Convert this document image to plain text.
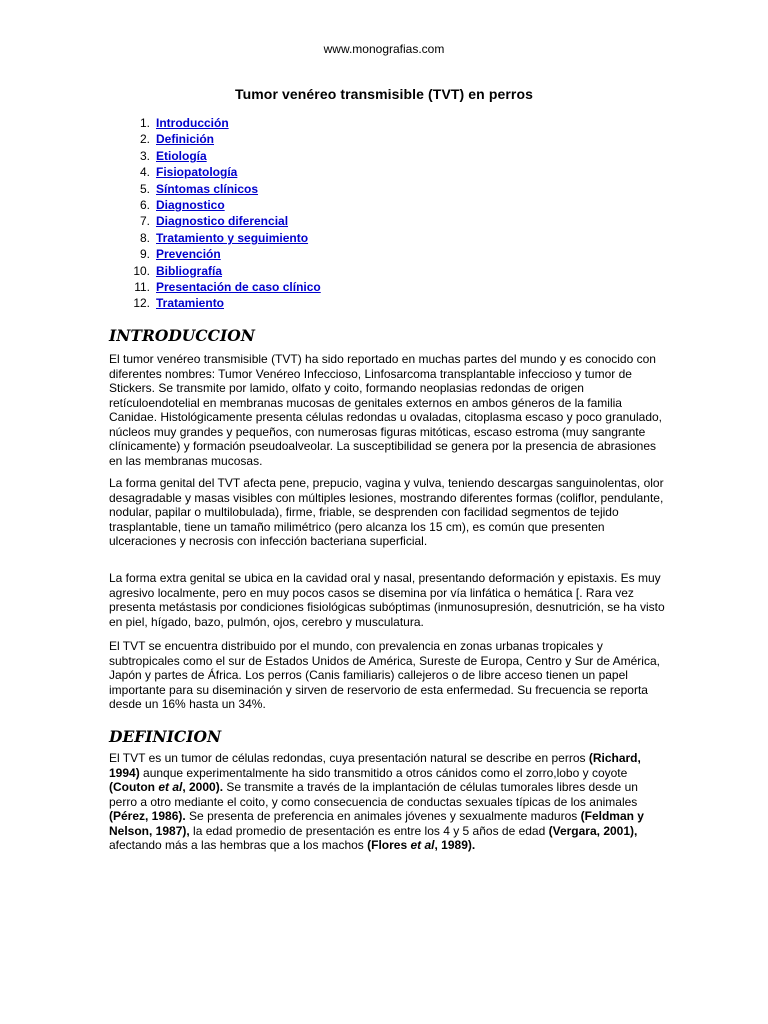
www.monografias.com
Tumor venéreo transmisible (TVT) en perros
1. Introducción
2. Definición
3. Etiología
4. Fisiopatología
5. Síntomas clínicos
6. Diagnostico
7. Diagnostico diferencial
8. Tratamiento y seguimiento
9. Prevención
10. Bibliografía
11. Presentación de caso clínico
12. Tratamiento
INTRODUCCION

El tumor venéreo transmisible (TVT) ha sido reportado en muchas partes del mundo y es conocido con diferentes nombres: Tumor Venéreo Infeccioso, Linfosarcoma transplantable infeccioso y tumor de Stickers. Se transmite por lamido, olfato y coito, formando neoplasias redondas de origen retículoendotelial en membranas mucosas de genitales externos en ambos géneros de la familia Canidae. Histológicamente presenta células redondas u ovaladas, citoplasma escaso y poco granulado, núcleos muy grandes y pequeños, con numerosas figuras mitóticas, escaso estroma (muy sangrante clínicamente) y formación pseudoalveolar. La susceptibilidad se genera por la presencia de abrasiones en las membranas mucosas.

La forma genital del TVT afecta pene, prepucio, vagina y vulva, teniendo descargas sanguinolentas, olor desagradable y masas visibles con múltiples lesiones, mostrando diferentes formas (coliflor, pendulante, nodular, papilar o multilobulada), firme, friable, se desprenden con facilidad segmentos de tejido trasplantable, tiene un tamaño milimétrico (pero alcanza los 15 cm), es común que presenten ulceraciones y necrosis con infección bacteriana superficial.

La forma extra genital se ubica en la cavidad oral y nasal, presentando deformación y epistaxis. Es muy agresivo localmente, pero en muy pocos casos se disemina por vía linfática o hemática [. Rara vez presenta metástasis por condiciones fisiológicas subóptimas (inmunosupresión, desnutrición, se ha visto en piel, hígado, bazo, pulmón, ojos, cerebro y musculatura.

El TVT se encuentra distribuido por el mundo, con prevalencia en zonas urbanas tropicales y subtropicales como el sur de Estados Unidos de América, Sureste de Europa, Centro y Sur de América, Japón y partes de África. Los perros (Canis familiaris) callejeros o de libre acceso tienen un papel importante para su diseminación y sirven de reservorio de esta enfermedad. Su frecuencia se reporta desde un 16% hasta un 34%.

DEFINICION

El TVT es un tumor de células redondas, cuya presentación natural se describe en perros (Richard, 1994) aunque experimentalmente ha sido transmitido a otros cánidos como el zorro,lobo y coyote (Couton et al, 2000). Se transmite a través de la implantación de células tumorales libres desde un perro a otro mediante el coito, y como consecuencia de conductas sexuales típicas de los animales (Pérez, 1986). Se presenta de preferencia en animales jóvenes y sexualmente maduros (Feldman y Nelson, 1987), la edad promedio de presentación es entre los 4 y 5 años de edad (Vergara, 2001), afectando más a las hembras que a los machos (Flores et al, 1989).
